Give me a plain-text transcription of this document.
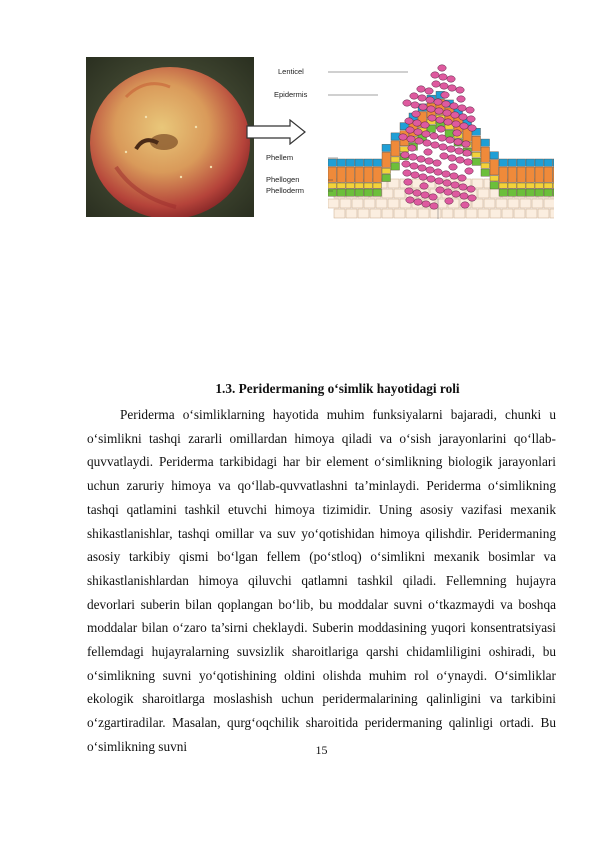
Lenticel
Epidermis
Phellem
Phellogen
Phelloderm
1.3. Peridermaning o‘simlik hayotidagi roli

Periderma o‘simliklarning hayotida muhim funksiyalarni bajaradi, chunki u o‘simlikni tashqi zararli omillardan himoya qiladi va o‘sish jarayonlarini qo‘llab-quvvatlaydi. Periderma tarkibidagi har bir element o‘simlikning biologik jarayonlari uchun zaruriy himoya va qo‘llab-quvvatlashni ta’minlaydi. Periderma o‘simlikning tashqi qatlamini tashkil etuvchi himoya tizimidir. Uning asosiy vazifasi mexanik shikastlanishlar, tashqi omillar va suv yo‘qotishidan himoya qilishdir. Peridermaning asosiy tarkibiy qismi bo‘lgan fellem (po‘stloq) o‘simlikni mexanik bosimlar va shikastlanishlardan himoya qiluvchi qatlamni tashkil qiladi. Fellemning hujayra devorlari suberin bilan qoplangan bo‘lib, bu moddalar suvni o‘tkazmaydi va boshqa moddalar bilan o‘zaro ta’sirni cheklaydi. Suberin moddasining yuqori konsentratsiyasi fellemdagi hujayralarning suvsizlik sharoitlariga qarshi chidamliligini oshiradi, bu o‘simlikning suvni yo‘qotishining oldini olishda muhim rol o‘ynaydi. O‘simliklar ekologik sharoitlarga moslashish uchun peridermalarining qalinligini va tarkibini o‘zgartiradilar. Masalan, qurg‘oqchilik sharoitida peridermaning qalinligi ortadi. Bu o‘simlikning suvni	15
